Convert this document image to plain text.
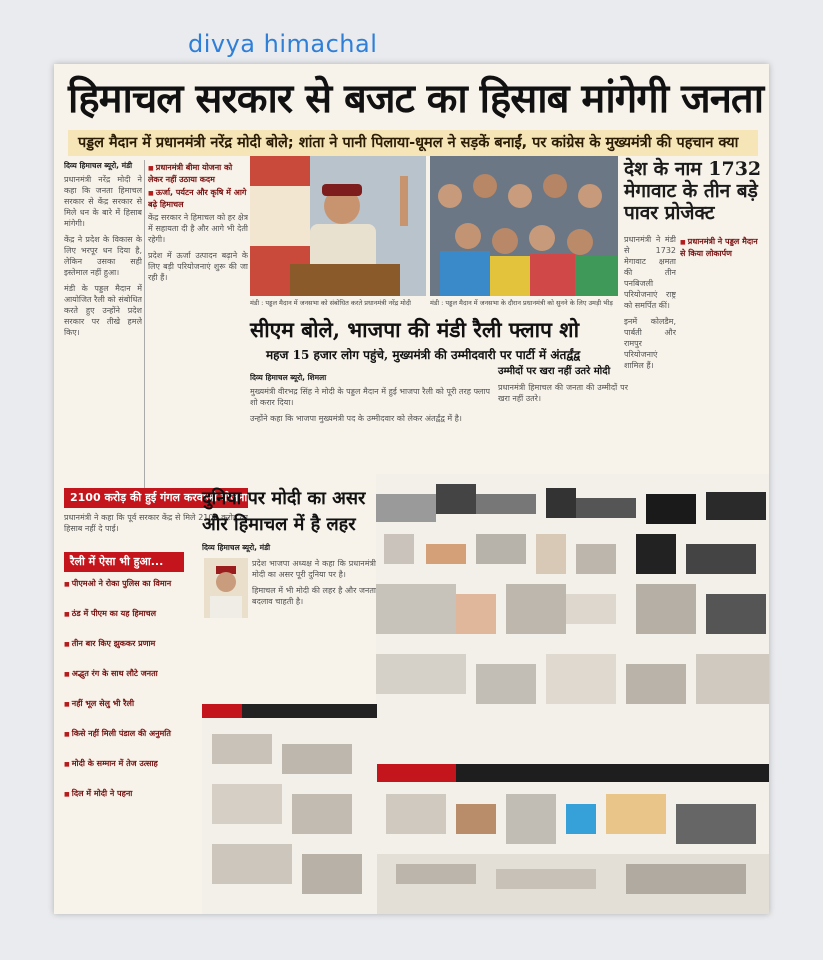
divya himachal
हिमाचल सरकार से बजट का हिसाब मांगेगी जनता
पड्डल मैदान में प्रधानमंत्री नरेंद्र मोदी बोले; शांता ने पानी पिलाया-धूमल ने सड़कें बनाईं, पर कांग्रेस के मुख्यमंत्री की पहचान क्या
दिव्य हिमाचल ब्यूरो, मंडी
प्रधानमंत्री नरेंद्र मोदी ने कहा कि जनता हिमाचल सरकार से केंद्र सरकार से मिले धन के बारे में हिसाब मांगेगी।
केंद्र ने प्रदेश के विकास के लिए भरपूर धन दिया है, लेकिन उसका सही इस्तेमाल नहीं हुआ।
मंडी के पड्डल मैदान में आयोजित रैली को संबोधित करते हुए उन्होंने प्रदेश सरकार पर तीखे हमले किए।
■ प्रधानमंत्री बीमा योजना को लेकर नहीं उठाया कदम
■ ऊर्जा, पर्यटन और कृषि में आगे बढ़े हिमाचल
केंद्र सरकार ने हिमाचल को हर क्षेत्र में सहायता दी है और आगे भी देती रहेगी।
प्रदेश में ऊर्जा उत्पादन बढ़ाने के लिए बड़ी परियोजनाएं शुरू की जा रही हैं।
2100 करोड़ की हुई गंगल करवाओ योजना
प्रधानमंत्री ने कहा कि पूर्व सरकार केंद्र से मिले 2100 करोड़ का हिसाब नहीं दे पाई।
रैली में ऐसा भी हुआ...
■ पीएमओ ने रोका पुलिस का विमान

■ ठंड में पीएम का यह हिमाचल

■ तीन बार किए झुककर प्रणाम

■ अद्भुत रंग के साथ लौटे जनता

■ नहीं भूल सेलु भी रैली

■ किसे नहीं मिली पंडाल की अनुमति

■ मोदी के सम्मान में तेज उत्साह

■ दिल में मोदी ने पहना
मंडी : पड्डल मैदान में जनसभा को संबोधित करते प्रधानमंत्री नरेंद्र मोदी	मंडी : पड्डल मैदान में जनसभा के दौरान प्रधानमंत्री को सुनने के लिए उमड़ी भीड़
देश के नाम 1732 मेगावाट के तीन बड़े पावर प्रोजेक्ट
प्रधानमंत्री ने मंडी से 1732 मेगावाट क्षमता की तीन पनबिजली परियोजनाएं राष्ट्र को समर्पित कीं।
इनमें कोलडैम, पार्बती और रामपुर परियोजनाएं शामिल हैं।
■ प्रधानमंत्री ने पड्डल मैदान से किया लोकार्पण
सीएम बोले, भाजपा की मंडी रैली फ्लाप शो
महज 15 हजार लोग पहुंचे, मुख्यमंत्री की उम्मीदवारी पर पार्टी में अंतर्द्वंद्व
उम्मीदों पर खरा नहीं उतरे मोदी
दिव्य हिमाचल ब्यूरो, शिमला
मुख्यमंत्री वीरभद्र सिंह ने मोदी के पड्डल मैदान में हुई भाजपा रैली को पूरी तरह फ्लाप शो करार दिया।
उन्होंने कहा कि भाजपा मुख्यमंत्री पद के उम्मीदवार को लेकर अंतर्द्वंद्व में है।
प्रधानमंत्री हिमाचल की जनता की उम्मीदों पर खरा नहीं उतरे।
दुनिया पर मोदी का असर और हिमाचल में है लहर
दिव्य हिमाचल ब्यूरो, मंडी
प्रदेश भाजपा अध्यक्ष ने कहा कि प्रधानमंत्री मोदी का असर पूरी दुनिया पर है।
हिमाचल में भी मोदी की लहर है और जनता बदलाव चाहती है।
